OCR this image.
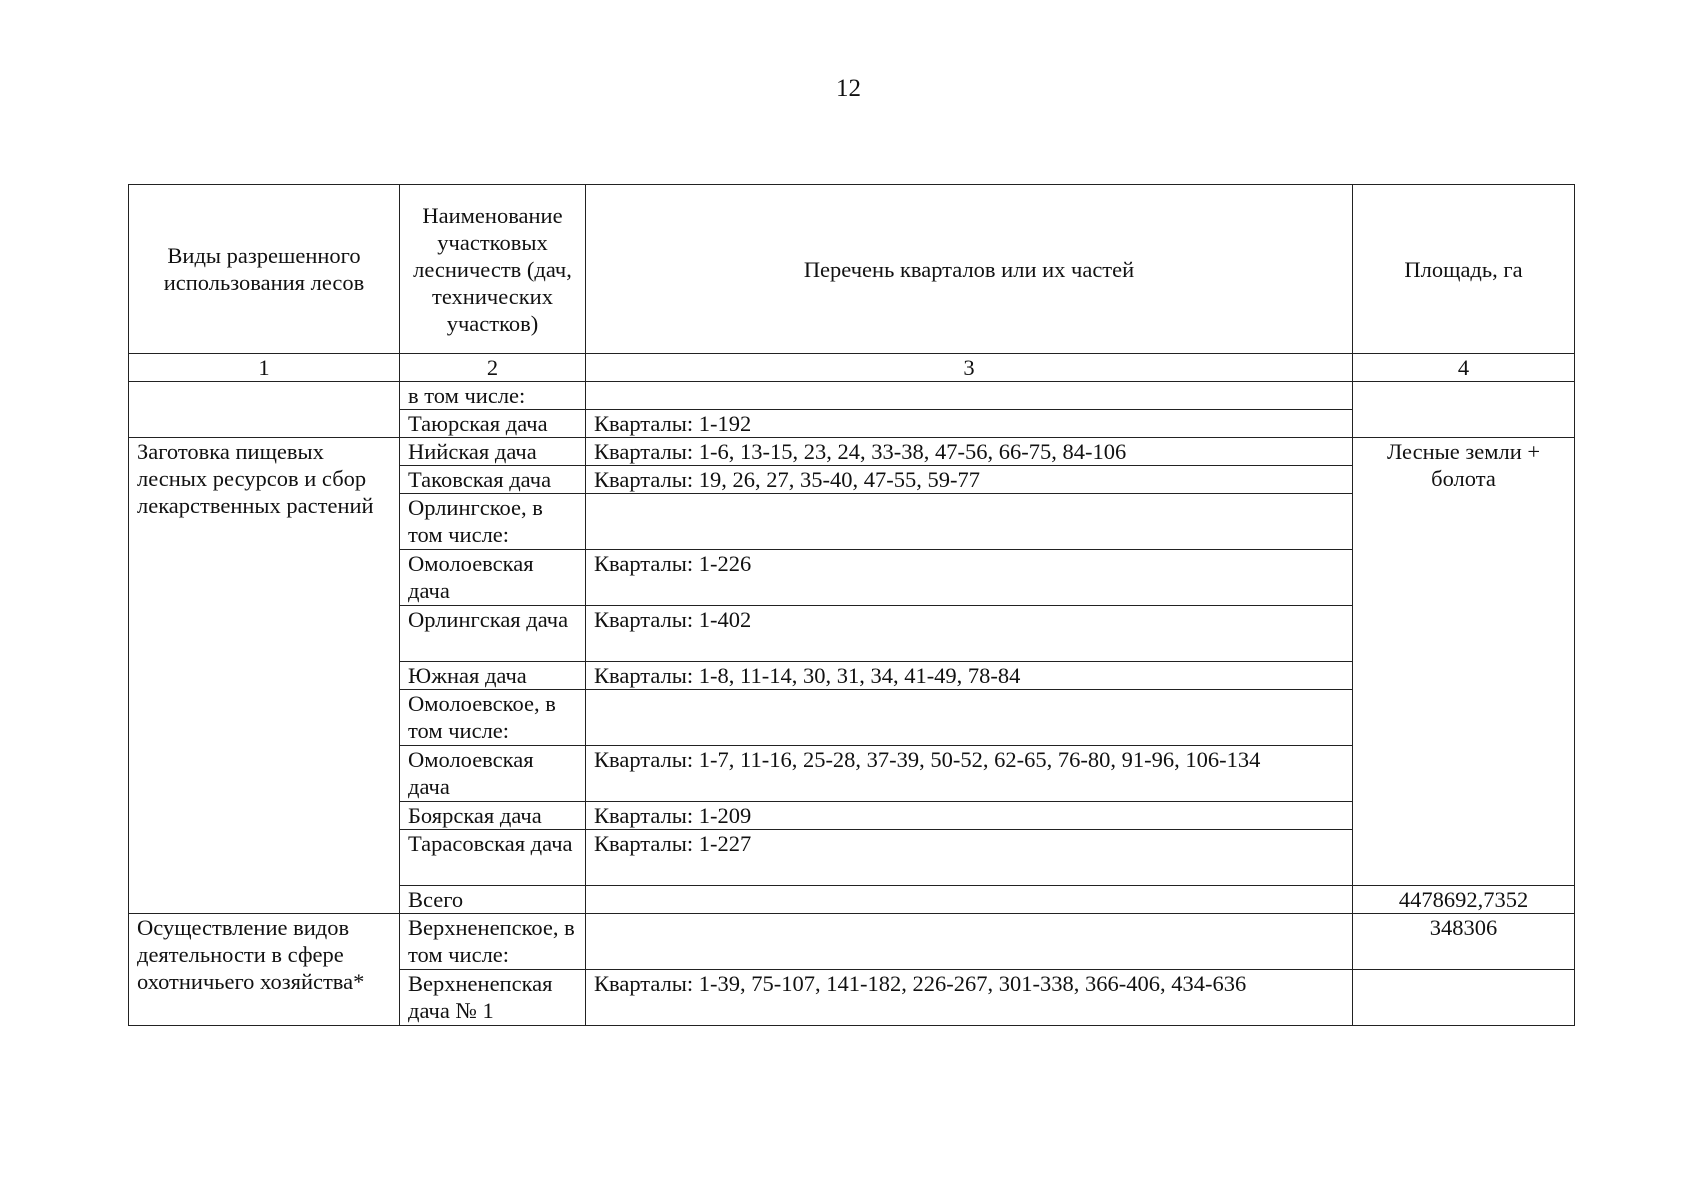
12
Виды разрешенного использования лесов	Наименование участковых лесничеств (дач, технических участков)	Перечень кварталов или их частей	Площадь, га
1	2	3	4
	в том числе:		
	Таюрская дача	Кварталы: 1-192	
Заготовка пищевых лесных ресурсов и сбор лекарственных растений	Нийская дача	Кварталы: 1-6, 13-15, 23, 24, 33-38, 47-56, 66-75, 84-106	Лесные земли + болота
	Таковская дача	Кварталы: 19, 26, 27, 35-40, 47-55, 59-77	
	Орлингское, в том числе:		
	Омолоевская дача	Кварталы: 1-226	
	Орлингская дача	Кварталы: 1-402	
	Южная дача	Кварталы: 1-8, 11-14, 30, 31, 34, 41-49, 78-84	
	Омолоевское, в том числе:		
	Омолоевская дача	Кварталы: 1-7, 11-16, 25-28, 37-39, 50-52, 62-65, 76-80, 91-96, 106-134	
	Боярская дача	Кварталы: 1-209	
	Тарасовская дача	Кварталы: 1-227	
	Всего		4478692,7352
Осуществление видов деятельности в сфере охотничьего хозяйства*	Верхненепское, в том числе:		348306
	Верхненепская дача № 1	Кварталы: 1-39, 75-107, 141-182, 226-267, 301-338, 366-406, 434-636	
